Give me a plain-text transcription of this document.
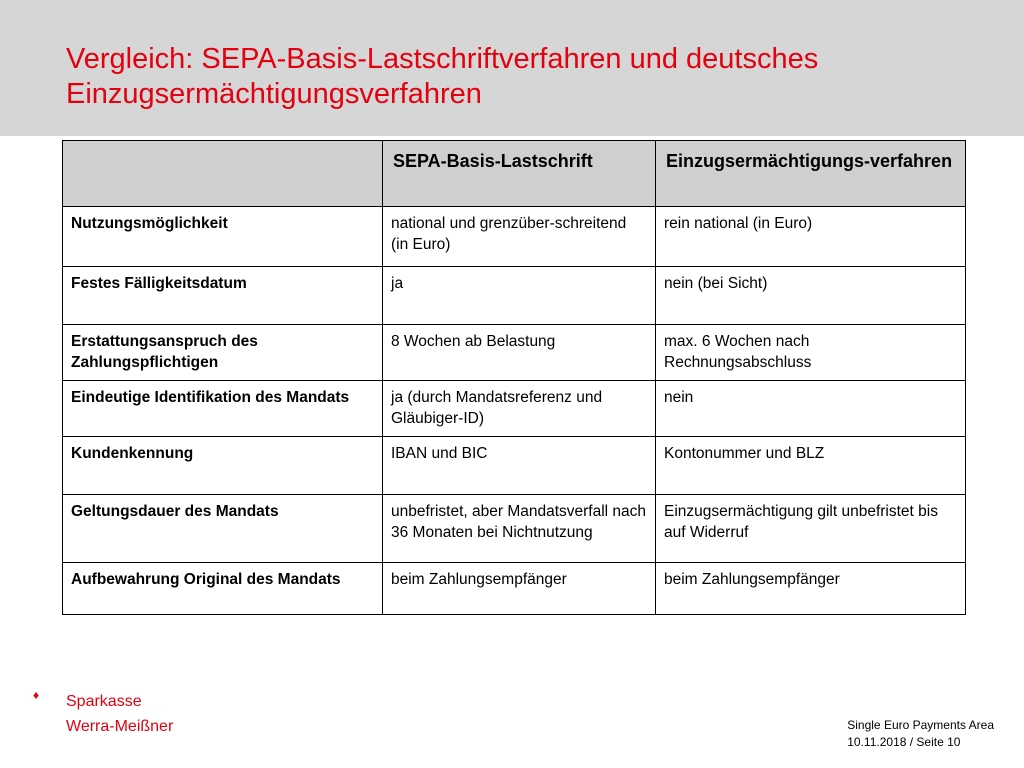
Vergleich: SEPA-Basis-Lastschriftverfahren und deutsches
Einzugsermächtigungsverfahren
	SEPA-Basis-Lastschrift	Einzugsermächtigungs-verfahren
Nutzungsmöglichkeit	national und grenzüber-schreitend (in Euro)	rein national (in Euro)
Festes Fälligkeitsdatum	ja	nein (bei Sicht)
Erstattungsanspruch des Zahlungspflichtigen	8 Wochen ab Belastung	max. 6 Wochen nach Rechnungsabschluss
Eindeutige Identifikation des Mandats	ja (durch Mandatsreferenz und Gläubiger-ID)	nein
Kundenkennung	IBAN und BIC	Kontonummer und BLZ
Geltungsdauer des Mandats	unbefristet, aber Mandatsverfall nach 36 Monaten bei Nichtnutzung	Einzugsermächtigung gilt unbefristet bis auf Widerruf
Aufbewahrung Original des Mandats	beim Zahlungsempfänger	beim Zahlungsempfänger
♦ Sparkasse
Werra-Meißner	Single Euro Payments Area
10.11.2018 / Seite 10
